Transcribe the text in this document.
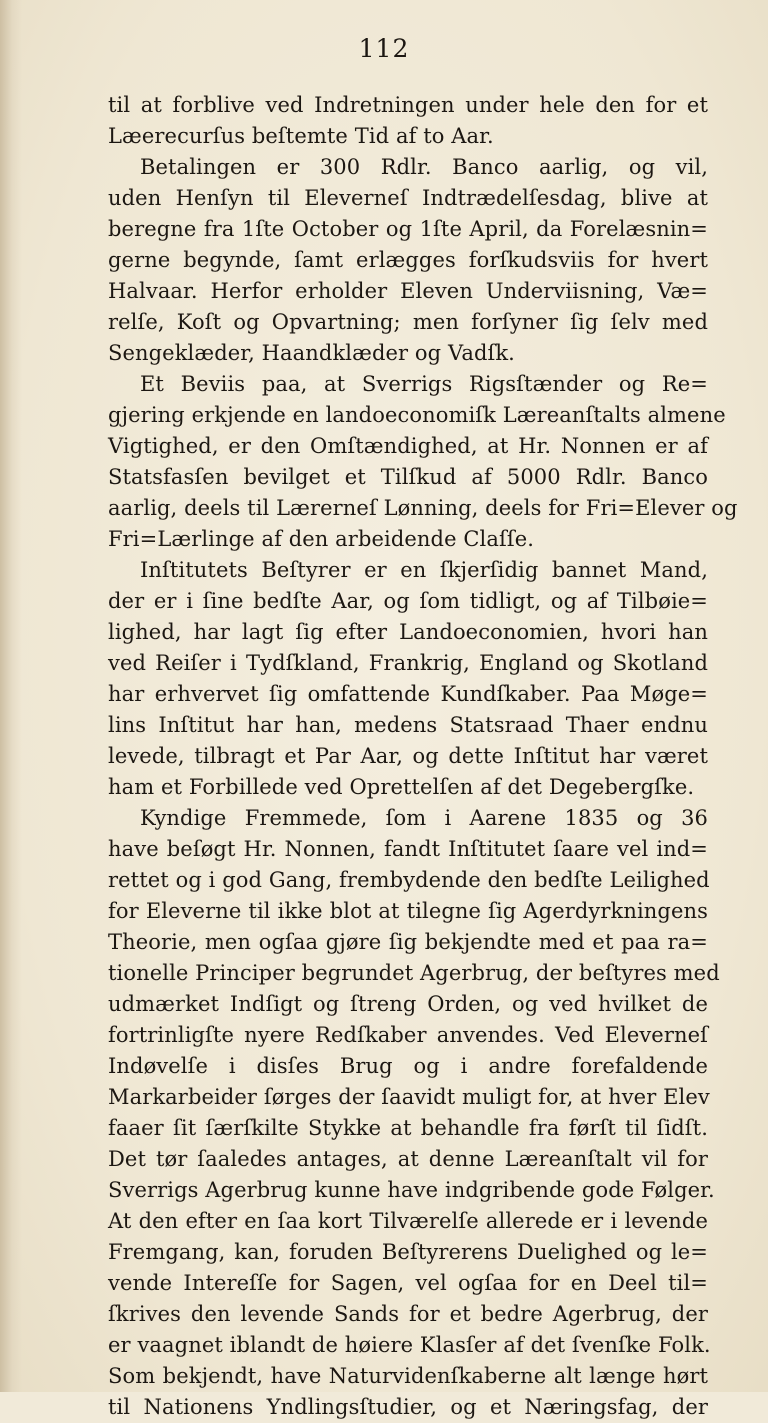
112
til at forblive ved Indretningen under hele den for et
Læerecurſus beſtemte Tid af to Aar.
Betalingen er 300 Rdlr. Banco aarlig, og vil,
uden Henſyn til Eleverneſ Indtrædelſesdag, blive at
beregne fra 1ſte October og 1ſte April, da Forelæsnin=
gerne begynde, ſamt erlægges forſkudsviis for hvert
Halvaar. Herfor erholder Eleven Underviisning, Væ=
relſe, Koſt og Opvartning; men forſyner ſig ſelv med
Sengeklæder, Haandklæder og Vadſk.
Et Beviis paa, at Sverrigs Rigsſtænder og Re=
gjering erkjende en landoeconomiſk Læreanſtalts almene
Vigtighed, er den Omſtændighed, at Hr. Nonnen er af
Statsfasſen bevilget et Tilſkud af 5000 Rdlr. Banco
aarlig, deels til Lærerneſ Lønning, deels for Fri=Elever og
Fri=Lærlinge af den arbeidende Claſſe.
Inſtitutets Beſtyrer er en ſkjerſidig bannet Mand,
der er i ſine bedſte Aar, og ſom tidligt, og af Tilbøie=
lighed, har lagt ſig efter Landoeconomien, hvori han
ved Reiſer i Tydſkland, Frankrig, England og Skotland
har erhvervet ſig omfattende Kundſkaber. Paa Møge=
lins Inſtitut har han, medens Statsraad Thaer endnu
levede, tilbragt et Par Aar, og dette Inſtitut har været
ham et Forbillede ved Oprettelſen af det Degebergſke.
Kyndige Fremmede, ſom i Aarene 1835 og 36
have beſøgt Hr. Nonnen, fandt Inſtitutet ſaare vel ind=
rettet og i god Gang, frembydende den bedſte Leilighed
for Eleverne til ikke blot at tilegne ſig Agerdyrkningens
Theorie, men ogſaa gjøre ſig bekjendte med et paa ra=
tionelle Principer begrundet Agerbrug, der beſtyres med
udmærket Indſigt og ſtreng Orden, og ved hvilket de
fortrinligſte nyere Redſkaber anvendes. Ved Eleverneſ
Indøvelſe i disſes Brug og i andre forefaldende
Markarbeider ſørges der ſaavidt muligt for, at hver Elev
faaer ſit ſærſkilte Stykke at behandle fra førſt til ſidſt.
Det tør ſaaledes antages, at denne Læreanſtalt vil for
Sverrigs Agerbrug kunne have indgribende gode Følger.
At den efter en ſaa kort Tilværelſe allerede er i levende
Fremgang, kan, foruden Beſtyrerens Duelighed og le=
vende Intereſſe for Sagen, vel ogſaa for en Deel til=
ſkrives den levende Sands for et bedre Agerbrug, der
er vaagnet iblandt de høiere Klasſer af det ſvenſke Folk.
Som bekjendt, have Naturvidenſkaberne alt længe hørt
til Nationens Yndlingsſtudier, og et Næringsfag, der
